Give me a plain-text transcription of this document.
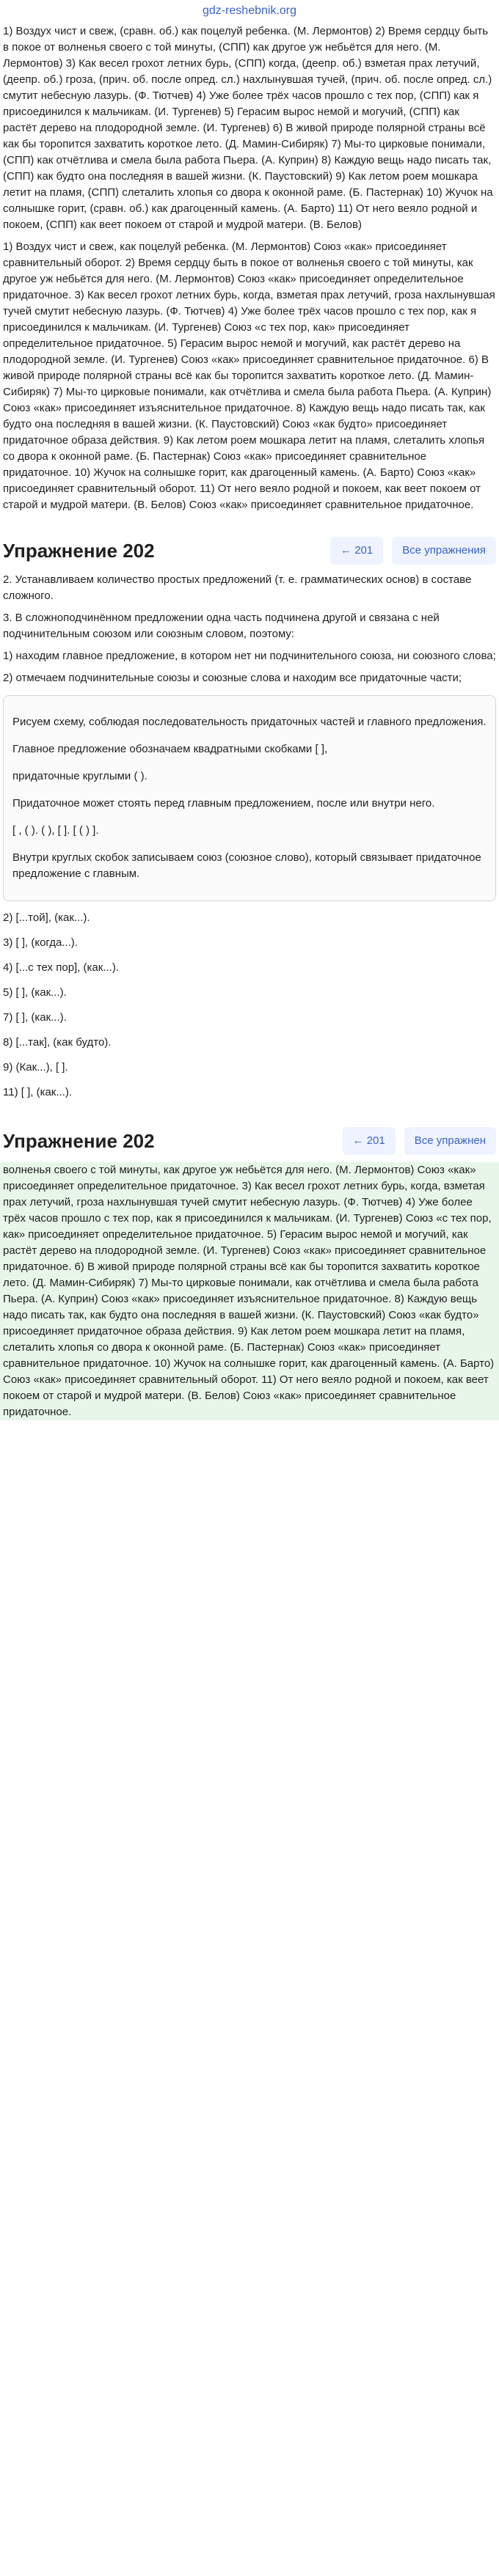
gdz-reshebnik.org

1) Воздух чист и свеж, (сравн. об.) как поцелуй ребенка. (М. Лермонтов) 2) Время сердцу быть в покое от волненья своего с той минуты, (СПП) как другое уж небьётся для него. (М. Лермонтов) 3) Как весел грохот летних бурь, (СПП) когда, (деепр. об.) взметая прах летучий, (деепр. об.) гроза, (прич. об. после опред. сл.) нахлынувшая тучей, (прич. об. после опред. сл.) смутит небесную лазурь. (Ф. Тютчев) 4) Уже более трёх часов прошло с тех пор, (СПП) как я присоединился к мальчикам. (И. Тургенев) 5) Герасим вырос немой и могучий, (СПП) как растёт дерево на плодородной земле. (И. Тургенев) 6) В живой природе полярной страны всё как бы торопится захватить короткое лето. (Д. Мамин-Сибиряк) 7) Мы-то цирковые понимали, (СПП) как отчётлива и смела была работа Пьера. (А. Куприн) 8) Каждую вещь надо писать так, (СПП) как будто она последняя в вашей жизни. (К. Паустовский) 9) Как летом роем мошкара летит на пламя, (СПП) слеталить хлопья со двора к оконной раме. (Б. Пастернак) 10) Жучок на солнышке горит, (сравн. об.) как драгоценный камень. (А. Барто) 11) От него веяло родной и покоем, (СПП) как веет покоем от старой и мудрой матери. (В. Белов)

1) Воздух чист и свеж, как поцелуй ребенка. (М. Лермонтов) Союз «как» присоединяет сравнительный оборот. 2) Время сердцу быть в покое от волненья своего с той минуты, как другое уж небьётся для него. (М. Лермонтов) Союз «как» присоединяет определительное придаточное. 3) Как весел грохот летних бурь, когда, взметая прах летучий, гроза нахлынувшая тучей смутит небесную лазурь. (Ф. Тютчев) 4) Уже более трёх часов прошло с тех пор, как я присоединился к мальчикам. (И. Тургенев) Союз «с тех пор, как» присоединяет определительное придаточное. 5) Герасим вырос немой и могучий, как растёт дерево на плодородной земле. (И. Тургенев) Союз «как» присоединяет сравнительное придаточное. 6) В живой природе полярной страны всё как бы торопится захватить короткое лето. (Д. Мамин-Сибиряк) 7) Мы-то цирковые понимали, как отчётлива и смела была работа Пьера. (А. Куприн) Союз «как» присоединяет изъяснительное придаточное. 8) Каждую вещь надо писать так, как будто она последняя в вашей жизни. (К. Паустовский) Союз «как будто» присоединяет придаточное образа действия. 9) Как летом роем мошкара летит на пламя, слеталить хлопья со двора к оконной раме. (Б. Пастернак) Союз «как» присоединяет сравнительное придаточное. 10) Жучок на солнышке горит, как драгоценный камень. (А. Барто) Союз «как» присоединяет сравнительный оборот. 11) От него веяло родной и покоем, как веет покоем от старой и мудрой матери. (В. Белов) Союз «как» присоединяет сравнительное придаточное.

Упражнение 202	← 201	Все упражнения

2. Устанавливаем количество простых предложений (т. е. грамматических основ) в составе сложного.

3. В сложноподчинённом предложении одна часть подчинена другой и связана с ней подчинительным союзом или союзным словом, поэтому:

1) находим главное предложение, в котором нет ни подчинительного союза, ни союзного слова;

2) отмечаем подчинительные союзы и союзные слова и находим все придаточные части;

Рисуем схему, соблюдая последовательность придаточных частей и главного предложения.

Главное предложение обозначаем квадратными скобками [ ],

придаточные круглыми ( ).

Придаточное может стоять перед главным предложением, после или внутри него.

[ , ( ). ( ), [ ]. [ ( ) ].

Внутри круглых скобок записываем союз (союзное слово), который связывает придаточное предложение с главным.

2) [...той], (как...).
3) [ ], (когда...).
4) [...с тех пор], (как...).
5) [ ], (как...).
7) [ ], (как...).
8) [...так], (как будто).
9) (Как...), [ ].
11) [ ], (как...).
Упражнение 202	← 201	Все упражнен

волненья своего с той минуты, как другое уж небьётся для него. (М. Лермонтов) Союз «как» присоединяет определительное придаточное. 3) Как весел грохот летних бурь, когда, взметая прах летучий, гроза нахлынувшая тучей смутит небесную лазурь. (Ф. Тютчев) 4) Уже более трёх часов прошло с тех пор, как я присоединился к мальчикам. (И. Тургенев) Союз «с тех пор, как» присоединяет определительное придаточное. 5) Герасим вырос немой и могучий, как растёт дерево на плодородной земле. (И. Тургенев) Союз «как» присоединяет сравнительное придаточное. 6) В живой природе полярной страны всё как бы торопится захватить короткое лето. (Д. Мамин-Сибиряк) 7) Мы-то цирковые понимали, как отчётлива и смела была работа Пьера. (А. Куприн) Союз «как» присоединяет изъяснительное придаточное. 8) Каждую вещь надо писать так, как будто она последняя в вашей жизни. (К. Паустовский) Союз «как будто» присоединяет придаточное образа действия. 9) Как летом роем мошкара летит на пламя, слеталить хлопья со двора к оконной раме. (Б. Пастернак) Союз «как» присоединяет сравнительное придаточное. 10) Жучок на солнышке горит, как драгоценный камень. (А. Барто) Союз «как» присоединяет сравнительный оборот. 11) От него веяло родной и покоем, как веет покоем от старой и мудрой матери. (В. Белов) Союз «как» присоединяет сравнительное придаточное.
